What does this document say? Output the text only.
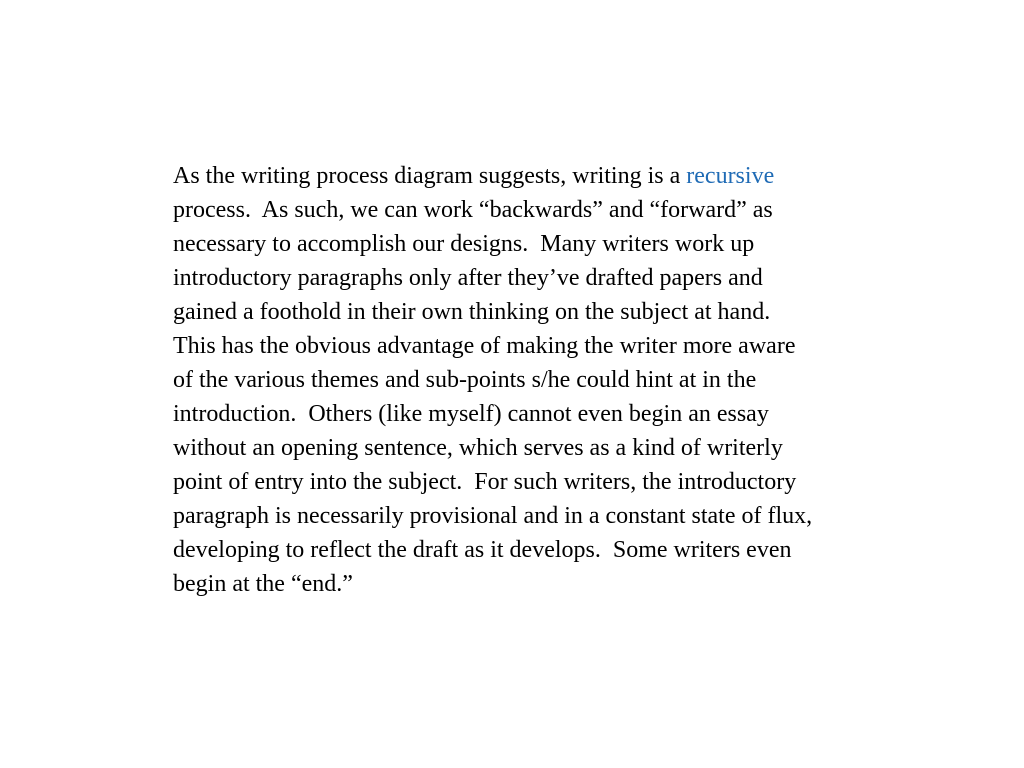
As the writing process diagram suggests, writing is a recursive
process.  As such, we can work “backwards” and “forward” as
necessary to accomplish our designs.  Many writers work up
introductory paragraphs only after they’ve drafted papers and
gained a foothold in their own thinking on the subject at hand.
This has the obvious advantage of making the writer more aware
of the various themes and sub-points s/he could hint at in the
introduction.  Others (like myself) cannot even begin an essay
without an opening sentence, which serves as a kind of writerly
point of entry into the subject.  For such writers, the introductory
paragraph is necessarily provisional and in a constant state of flux,
developing to reflect the draft as it develops.  Some writers even
begin at the “end.”
